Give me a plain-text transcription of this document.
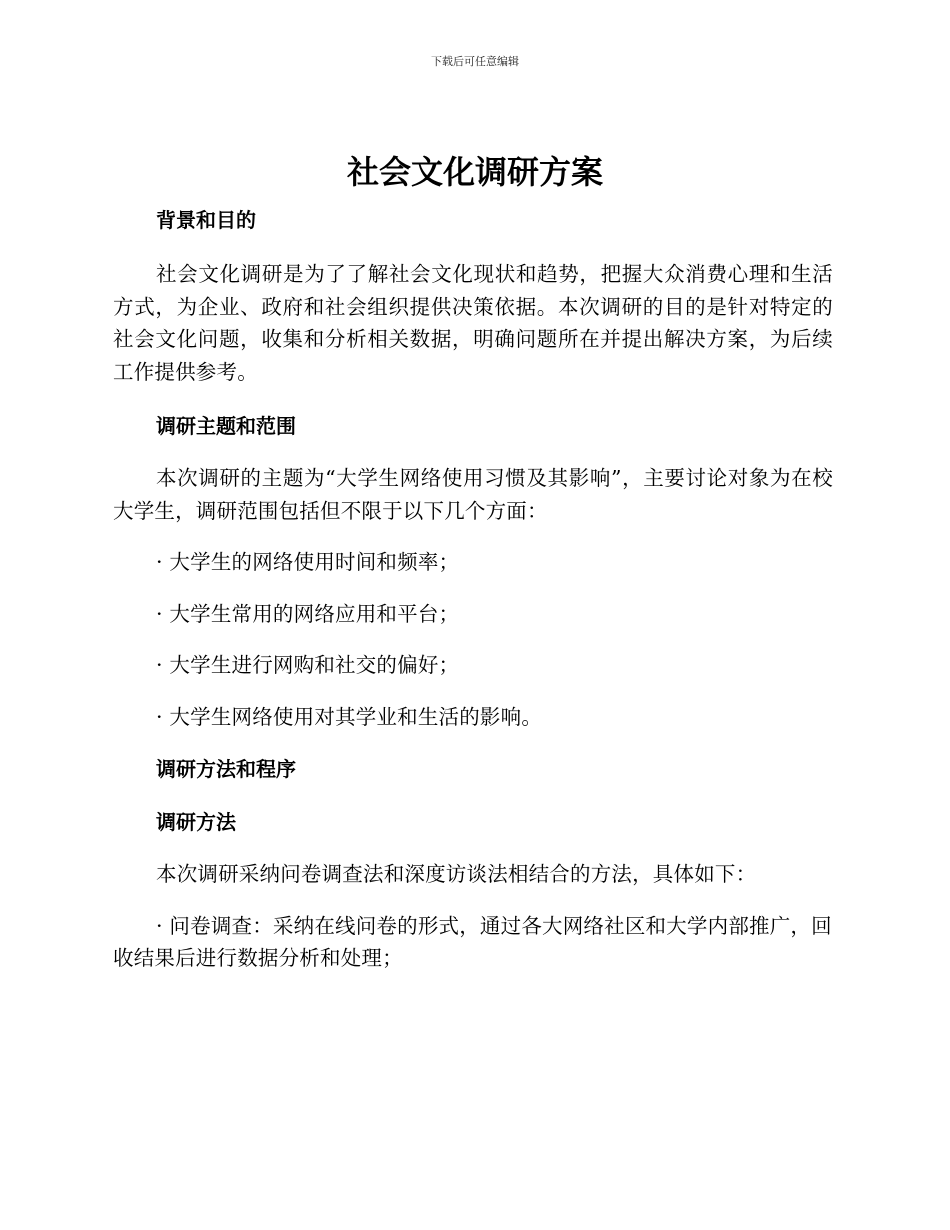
下载后可任意编辑
社会文化调研方案
背景和目的

社会文化调研是为了了解社会文化现状和趋势，把握大众消费心理和生活方式，为企业、政府和社会组织提供决策依据。本次调研的目的是针对特定的社会文化问题，收集和分析相关数据，明确问题所在并提出解决方案，为后续工作提供参考。

调研主题和范围

本次调研的主题为“大学生网络使用习惯及其影响”，主要讨论对象为在校大学生，调研范围包括但不限于以下几个方面：

· 大学生的网络使用时间和频率；

· 大学生常用的网络应用和平台；

· 大学生进行网购和社交的偏好；

· 大学生网络使用对其学业和生活的影响。

调研方法和程序
调研方法

本次调研采纳问卷调查法和深度访谈法相结合的方法，具体如下：

· 问卷调查：采纳在线问卷的形式，通过各大网络社区和大学内部推广，回收结果后进行数据分析和处理；
